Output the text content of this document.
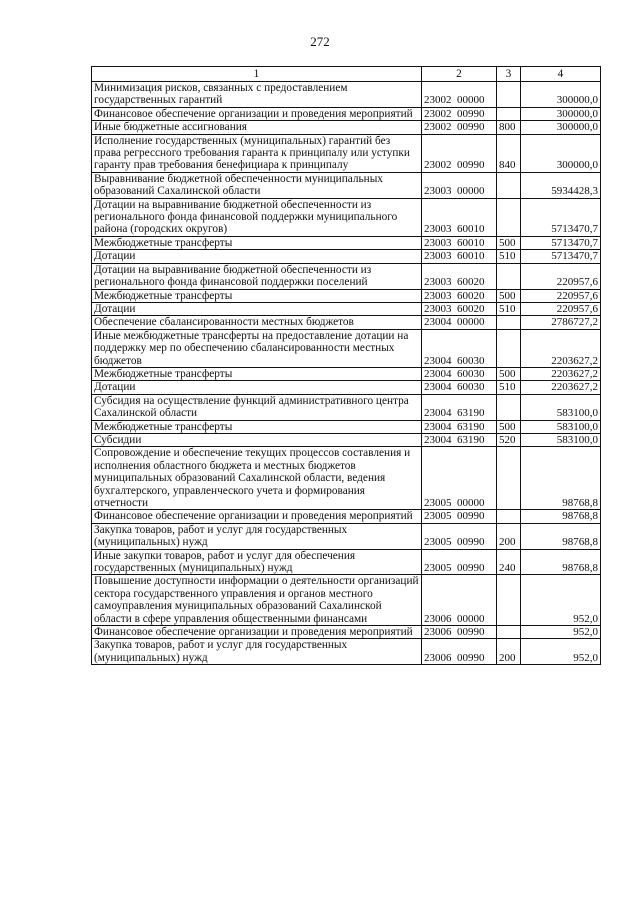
272
1	2	3	4
Минимизация рисков, связанных с предоставлением государственных гарантий	23002  00000		300000,0
Финансовое обеспечение организации и проведения мероприятий	23002  00990		300000,0
Иные бюджетные ассигнования	23002  00990	800	300000,0
Исполнение государственных (муниципальных) гарантий без права регрессного требования гаранта к принципалу или уступки гаранту прав требования бенефициара к принципалу	23002  00990	840	300000,0
Выравнивание бюджетной обеспеченности муниципальных образований Сахалинской области	23003  00000		5934428,3
Дотации на выравнивание бюджетной обеспеченности из регионального фонда финансовой поддержки муниципального района (городских округов)	23003  60010		5713470,7
Межбюджетные трансферты	23003  60010	500	5713470,7
Дотации	23003  60010	510	5713470,7
Дотации на выравнивание бюджетной обеспеченности из регионального фонда финансовой поддержки поселений	23003  60020		220957,6
Межбюджетные трансферты	23003  60020	500	220957,6
Дотации	23003  60020	510	220957,6
Обеспечение сбалансированности местных бюджетов	23004  00000		2786727,2
Иные межбюджетные трансферты на предоставление дотации на поддержку мер по обеспечению сбалансированности местных бюджетов	23004  60030		2203627,2
Межбюджетные трансферты	23004  60030	500	2203627,2
Дотации	23004  60030	510	2203627,2
Субсидия на осуществление функций административного центра Сахалинской области	23004  63190		583100,0
Межбюджетные трансферты	23004  63190	500	583100,0
Субсидии	23004  63190	520	583100,0
Сопровождение и обеспечение текущих процессов составления и исполнения областного бюджета и местных бюджетов муниципальных образований Сахалинской области, ведения бухгалтерского, управленческого учета и формирования отчетности	23005  00000		98768,8
Финансовое обеспечение организации и проведения мероприятий	23005  00990		98768,8
Закупка товаров, работ и услуг для государственных (муниципальных) нужд	23005  00990	200	98768,8
Иные закупки товаров, работ и услуг для обеспечения государственных (муниципальных) нужд	23005  00990	240	98768,8
Повышение доступности информации о деятельности организаций сектора государственного управления и органов местного самоуправления муниципальных образований Сахалинской области в сфере управления общественными финансами	23006  00000		952,0
Финансовое обеспечение организации и проведения мероприятий	23006  00990		952,0
Закупка товаров, работ и услуг для государственных (муниципальных) нужд	23006  00990	200	952,0
